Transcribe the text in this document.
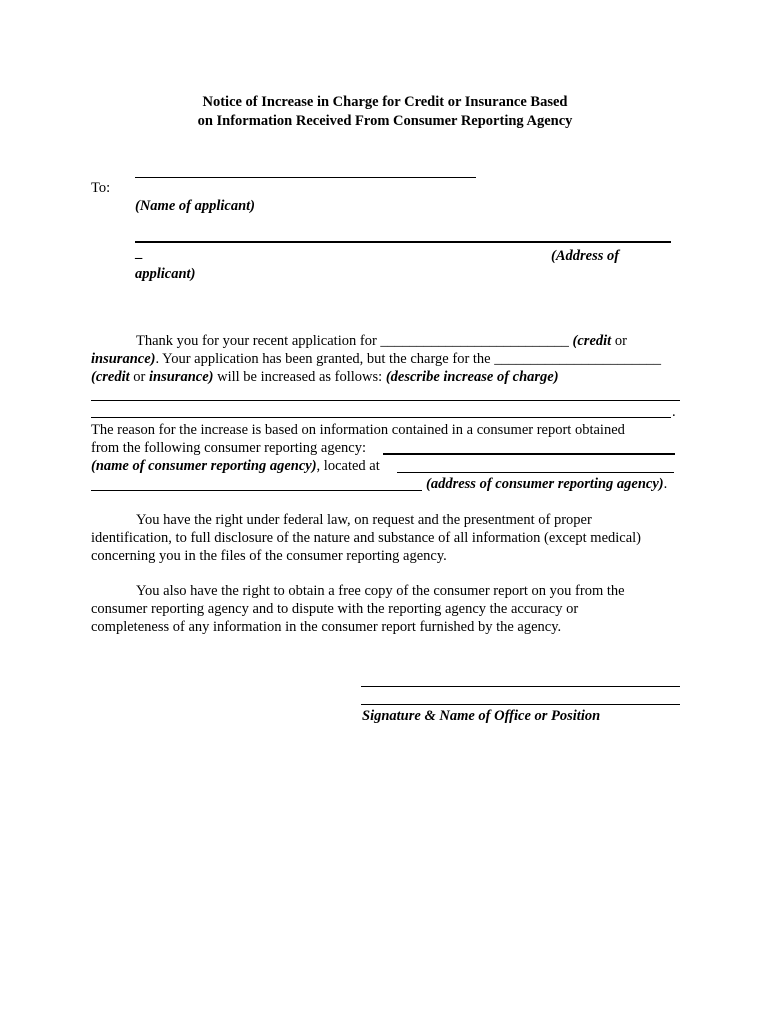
Notice of Increase in Charge for Credit or Insurance Based
on Information Received From Consumer Reporting Agency
To:
(Name of applicant)
_	(Address of
applicant)
Thank you for your recent application for __________________________ (credit or
insurance). Your application has been granted, but the charge for the _______________________
(credit or insurance) will be increased as follows: (describe increase of charge)
.
The reason for the increase is based on information contained in a consumer report obtained
from the following consumer reporting agency:
(name of consumer reporting agency), located at
(address of consumer reporting agency).
You have the right under federal law, on request and the presentment of proper
identification, to full disclosure of the nature and substance of all information (except medical)
concerning you in the files of the consumer reporting agency.
You also have the right to obtain a free copy of the consumer report on you from the
consumer reporting agency and to dispute with the reporting agency the accuracy or
completeness of any information in the consumer report furnished by the agency.
Signature & Name of Office or Position
